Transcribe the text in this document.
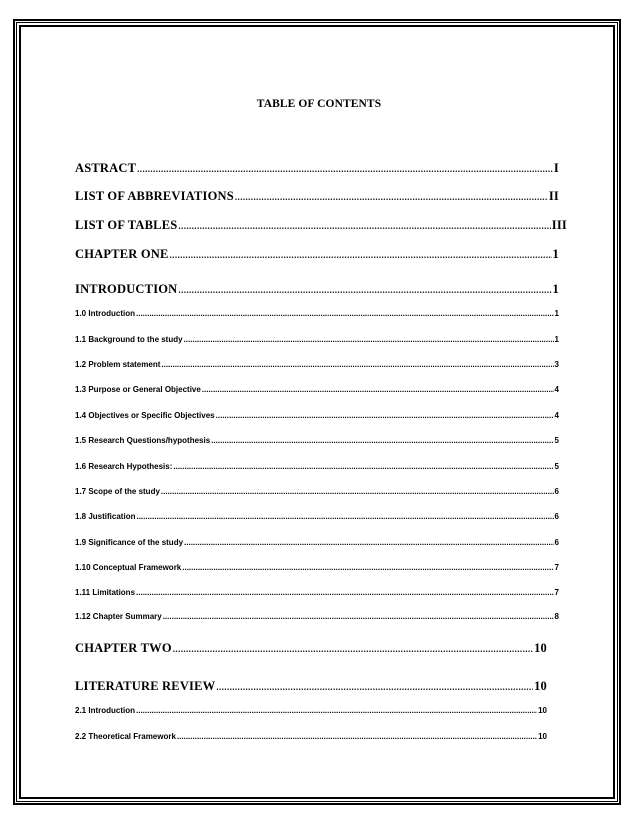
TABLE OF CONTENTS
ASTRACT .....	I
LIST OF ABBREVIATIONS .....	II
LIST OF TABLES .....	III
CHAPTER ONE .....	1
INTRODUCTION .....	1
1.0 Introduction .....	1
1.1 Background to the study .....	1
1.2 Problem statement .....	3
1.3 Purpose or General Objective .....	4
1.4 Objectives or Specific Objectives .....	4
1.5 Research Questions/hypothesis .....	5
1.6 Research Hypothesis: .....	5
1.7 Scope of the study .....	6
1.8 Justification .....	6
1.9 Significance of the study .....	6
1.10 Conceptual Framework .....	7
1.11 Limitations .....	7
1.12 Chapter Summary .....	8
CHAPTER TWO .....	10
LITERATURE REVIEW .....	10
2.1 Introduction .....	10
2.2 Theoretical Framework .....	10
